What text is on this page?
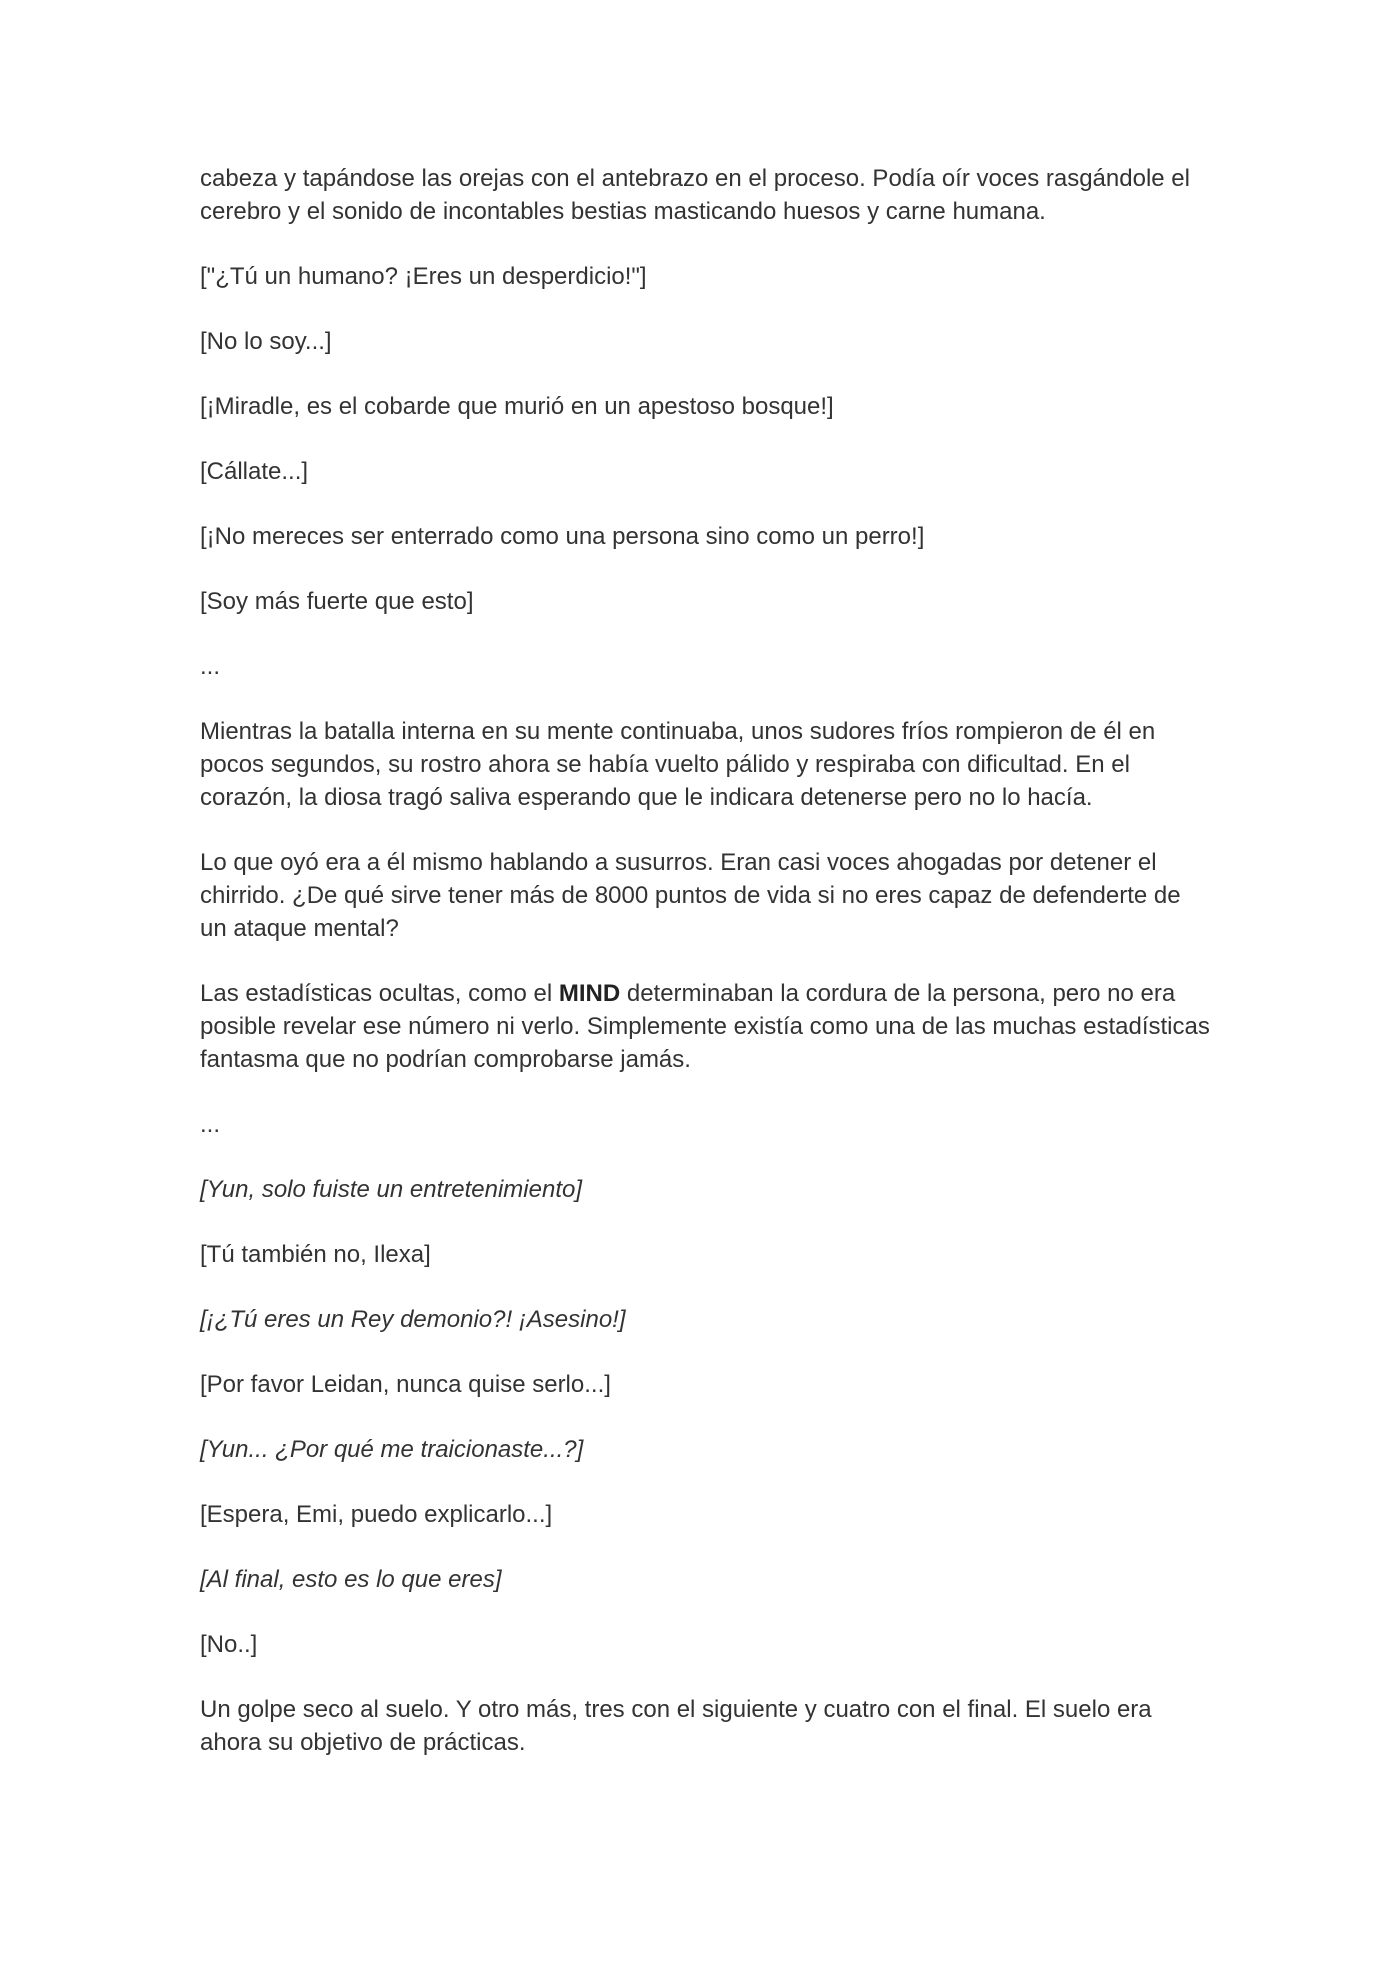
cabeza y tapándose las orejas con el antebrazo en el proceso. Podía oír voces rasgándole el cerebro y el sonido de incontables bestias masticando huesos y carne humana.

["¿Tú un humano? ¡Eres un desperdicio!"]

[No lo soy...]

[¡Miradle, es el cobarde que murió en un apestoso bosque!]

[Cállate...]

[¡No mereces ser enterrado como una persona sino como un perro!]

[Soy más fuerte que esto]

...

Mientras la batalla interna en su mente continuaba, unos sudores fríos rompieron de él en pocos segundos, su rostro ahora se había vuelto pálido y respiraba con dificultad. En el corazón, la diosa tragó saliva esperando que le indicara detenerse pero no lo hacía.

Lo que oyó era a él mismo hablando a susurros. Eran casi voces ahogadas por detener el chirrido. ¿De qué sirve tener más de 8000 puntos de vida si no eres capaz de defenderte de un ataque mental?

Las estadísticas ocultas, como el MIND determinaban la cordura de la persona, pero no era posible revelar ese número ni verlo. Simplemente existía como una de las muchas estadísticas fantasma que no podrían comprobarse jamás.

...

[Yun, solo fuiste un entretenimiento]

[Tú también no, Ilexa]

[¡¿Tú eres un Rey demonio?! ¡Asesino!]

[Por favor Leidan, nunca quise serlo...]

[Yun... ¿Por qué me traicionaste...?]

[Espera, Emi, puedo explicarlo...]

[Al final, esto es lo que eres]

[No..]

Un golpe seco al suelo. Y otro más, tres con el siguiente y cuatro con el final. El suelo era ahora su objetivo de prácticas.
